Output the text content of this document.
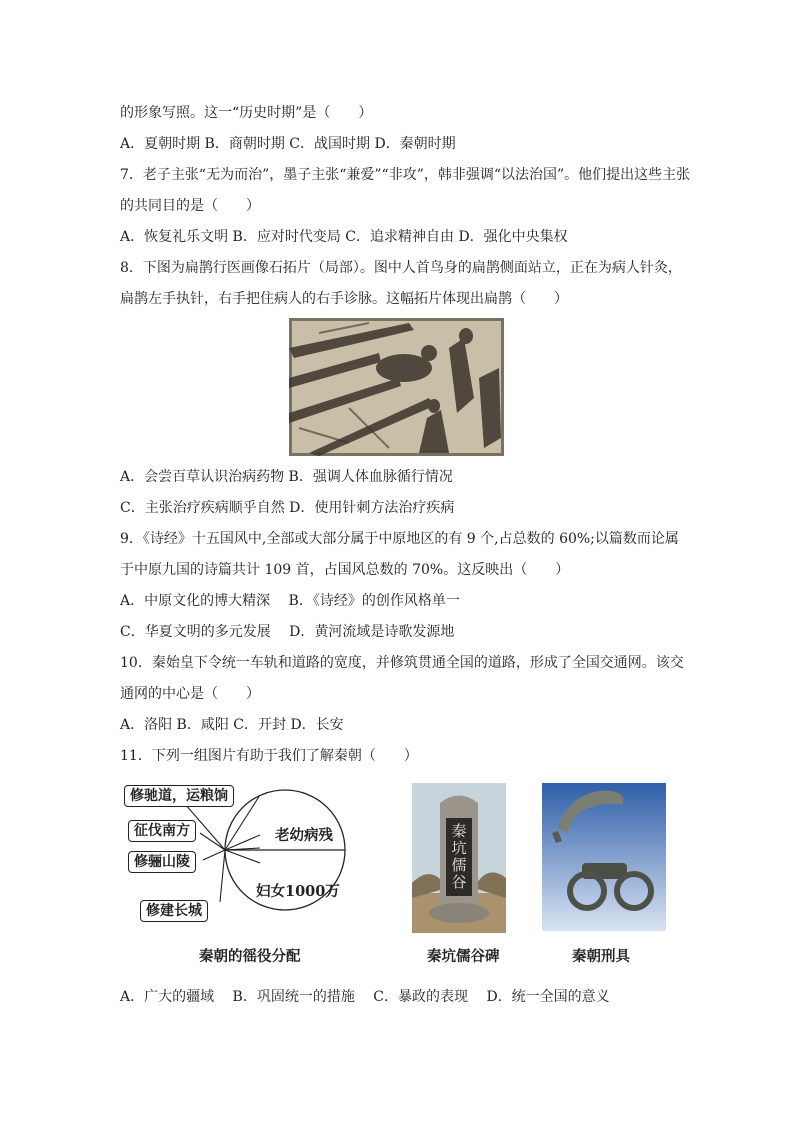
的形象写照。这一“历史时期”是（　　）
A．夏朝时期 B．商朝时期 C．战国时期 D．秦朝时期
7．老子主张“无为而治”，墨子主张“兼爱”“非攻”，韩非强调“以法治国”。他们提出这些主张
的共同目的是（　　）
A．恢复礼乐文明 B．应对时代变局 C．追求精神自由 D．强化中央集权
8．下图为扁鹊行医画像石拓片（局部）。图中人首鸟身的扁鹊侧面站立，正在为病人针灸，
扁鹊左手执针，右手把住病人的右手诊脉。这幅拓片体现出扁鹊（　　）
A．会尝百草认识治病药物 B．强调人体血脉循行情况
C．主张治疗疾病顺乎自然 D．使用针刺方法治疗疾病
9．《诗经》十五国风中,全部或大部分属于中原地区的有 9 个,占总数的 60%;以篇数而论属
于中原九国的诗篇共计 109 首，占国风总数的 70%。这反映出（　　）
A．中原文化的博大精深　 B．《诗经》的创作风格单一
C．华夏文明的多元发展　 D．黄河流域是诗歌发源地
10．秦始皇下令统一车轨和道路的宽度，并修筑贯通全国的道路，形成了全国交通网。该交
通网的中心是（　　）
A．洛阳 B．咸阳 C．开封 D．长安
11．下列一组图片有助于我们了解秦朝（　　）
修驰道，运粮饷
征伐南方
修骊山陵
修建长城
老幼病残
妇女1000万
秦坑儒谷
秦朝的徭役分配	秦坑儒谷碑	秦朝刑具
A．广大的疆域　 B．巩固统一的措施　 C．暴政的表现　 D．统一全国的意义
